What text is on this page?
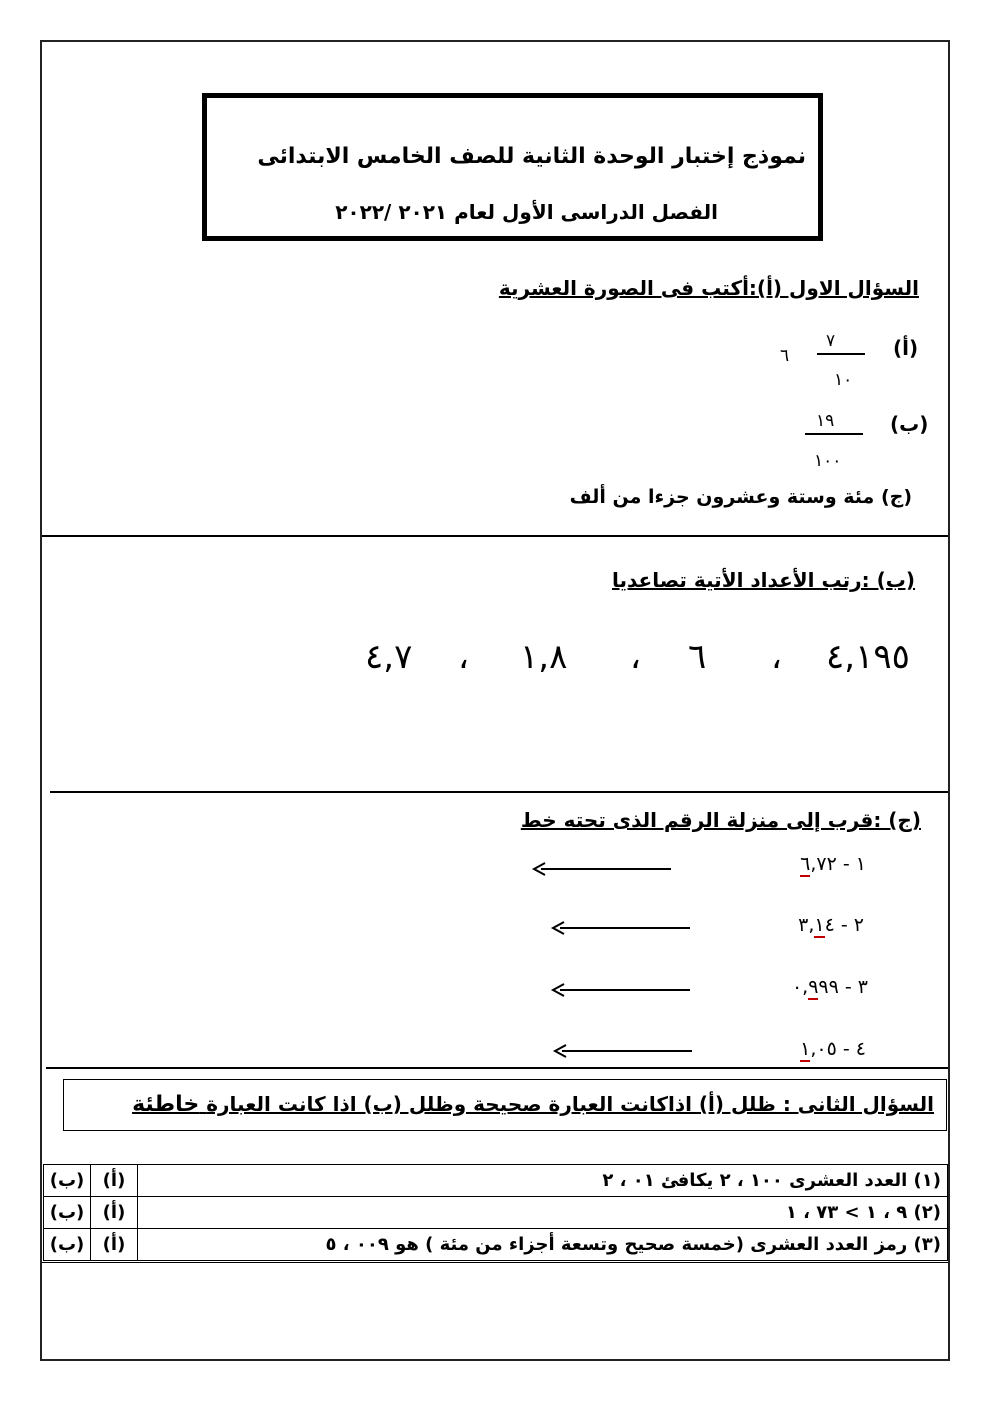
نموذج إختبار الوحدة الثانية للصف الخامس الابتدائى
الفصل الدراسى الأول لعام ٢٠٢١ /٢٠٢٢
السؤال الاول (أ):أكتب فى الصورة العشرية
(أ)
٧
١٠
٦
(ب)
١٩
١٠٠
(ج) مئة وستة وعشرون جزءا من ألف
(ب) :رتب الأعداد الأتية تصاعديا
٤,١٩٥
،
٦
،
١,٨
،
٤,٧
(ج) :قرب إلى منزلة الرقم الذى تحته خط
١ - ٦,٧٢
٢ - ٣,١٤
٣ - ٠,٩٩٩
٤ - ١,٠٥
السؤال الثانى : ظلل (أ) اذاكانت العبارة صحيحة وظلل (ب) اذا كانت العبارة خاطئة
(ب)	(أ)	(١) العدد العشرى ١٠٠ ، ٢ يكافئ ٠١ ، ٢
(ب)	(أ)	(٢) ٩ ، ١ > ٧٣ ، ١
(ب)	(أ)	(٣) رمز العدد العشرى (خمسة صحيح وتسعة أجزاء من مئة ) هو ٠٠٩ ، ٥
